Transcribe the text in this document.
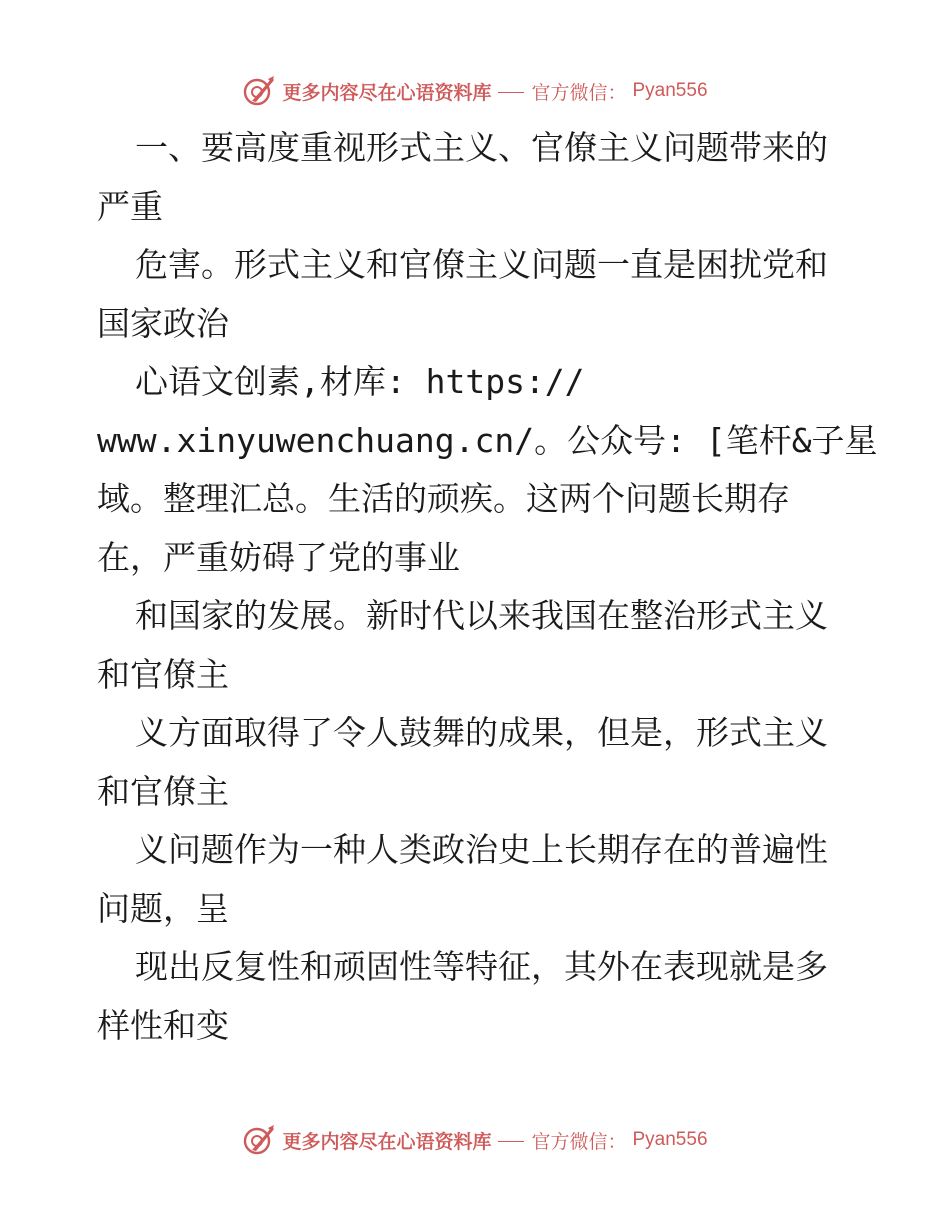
更多内容尽在心语资料库 官方微信： Pyan556
一、要高度重视形式主义、官僚主义问题带来的
严重
危害。形式主义和官僚主义问题一直是困扰党和
国家政治
心语文创素,材库: https://
www.xinyuwenchuang.cn/。公众号: [笔杆&子星
域。整理汇总。生活的顽疾。这两个问题长期存
在，严重妨碍了党的事业
和国家的发展。新时代以来我国在整治形式主义
和官僚主
义方面取得了令人鼓舞的成果，但是，形式主义
和官僚主
义问题作为一种人类政治史上长期存在的普遍性
问题，呈
现出反复性和顽固性等特征，其外在表现就是多
样性和变
更多内容尽在心语资料库 官方微信： Pyan556
